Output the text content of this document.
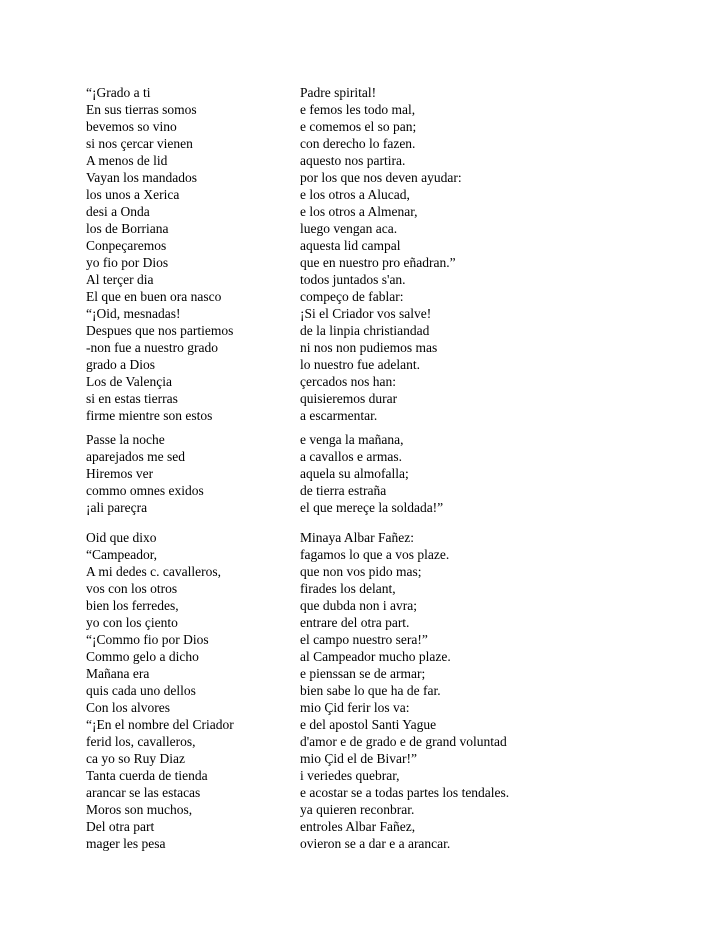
“¡Grado a ti	Padre spirital!
En sus tierras somos	e femos les todo mal,
bevemos so vino	e comemos el so pan;
si nos çercar vienen	con derecho lo fazen.
A menos de lid	aquesto nos partira.
Vayan los mandados	por los que nos deven ayudar:
los unos a Xerica	e los otros a Alucad,
desi a Onda	e los otros a Almenar,
los de Borriana	luego vengan aca.
Conpeçaremos	aquesta lid campal
yo fio por Dios	que en nuestro pro eñadran.”
Al terçer dia	todos juntados s'an.
El que en buen ora nasco	compeço de fablar:
“¡Oid, mesnadas!	¡Si el Criador vos salve!
Despues que nos partiemos	de la linpia christiandad
-non fue a nuestro grado	ni nos non pudiemos mas
grado a Dios	lo nuestro fue adelant.
Los de Valençia	çercados nos han:
si en estas tierras	quisieremos durar
firme mientre son estos	a escarmentar.
Passe la noche	e venga la mañana,
aparejados me sed	a cavallos e armas.
Hiremos ver	aquela su almofalla;
commo omnes exidos	de tierra estraña
¡ali pareçra	el que mereçe la soldada!”
Oid que dixo	Minaya Albar Fañez:
“Campeador,	fagamos lo que a vos plaze.
A mi dedes c. cavalleros,	que non vos pido mas;
vos con los otros	firades los delant,
bien los ferredes,	que dubda non i avra;
yo con los çiento	entrare del otra part.
“¡Commo fio por Dios	el campo nuestro sera!”
Commo gelo a dicho	al Campeador mucho plaze.
Mañana era	e pienssan se de armar;
quis cada uno dellos	bien sabe lo que ha de far.
Con los alvores	mio Çid ferir los va:
“¡En el nombre del Criador	e del apostol Santi Yague
ferid los, cavalleros,	d'amor e de grado e de grand voluntad
ca yo so Ruy Diaz	mio Çid el de Bivar!”
Tanta cuerda de tienda	i veriedes quebrar,
arancar se las estacas	e acostar se a todas partes los tendales.
Moros son muchos,	ya quieren reconbrar.
Del otra part	entroles Albar Fañez,
mager les pesa	ovieron se a dar e a arancar.
